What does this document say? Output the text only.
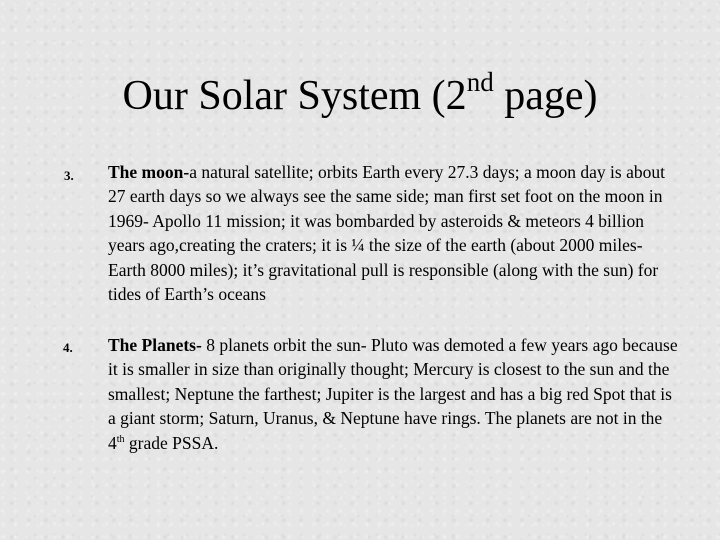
Our Solar System (2nd page)
3. The moon-a natural satellite; orbits Earth every 27.3 days; a moon day is about 27 earth days so we always see the same side; man first set foot on the moon in 1969- Apollo 11 mission; it was bombarded by asteroids & meteors 4 billion years ago,creating the craters; it is ¼ the size of the earth (about 2000 miles- Earth 8000 miles); it’s gravitational pull is responsible (along with the sun) for tides of Earth’s oceans
4. The Planets- 8 planets orbit the sun- Pluto was demoted a few years ago because it is smaller in size than originally thought; Mercury is closest to the sun and the smallest; Neptune the farthest; Jupiter is the largest and has a big red Spot that is a giant storm; Saturn, Uranus, & Neptune have rings. The planets are not in the 4th grade PSSA.
